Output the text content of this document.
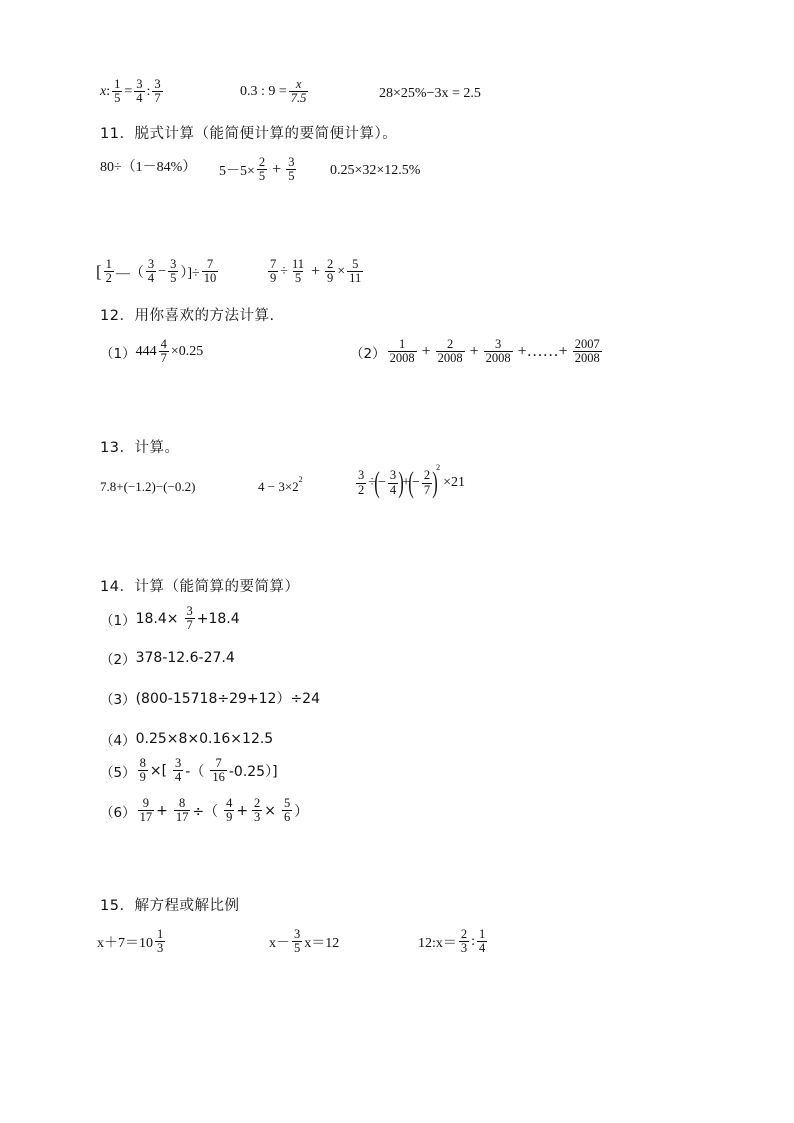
x : $\frac{1}{5} = \frac{3}{4}$ : $\frac{3}{7}$	0.3 : $9 = \frac{x}{7.5}$	28×25%−3x = 2.5
11．脱式计算（能简便计算的要简便计算）。
80÷（1－84%） $5-5\times \frac{2}{5} + \frac{3}{5} 0.25\times 32\times 12.5\%$
[ $\frac{1}{2}$ —（ $\frac{3}{4} - \frac{3}{5}$ ）]÷ $\frac{7}{10}$	$\frac{7}{9} \div \frac{11}{5} + \frac{2}{9} \times \frac{5}{11}$
12．用你喜欢的方法计算.
（1） $444 \frac{4}{7} \times 0.25$	$(2) \frac{1}{2008} + \frac{2}{2008} + \frac{3}{2008}$ +……+ $\frac{2007}{2008}$
13．计算。
7.8+(−1.2)−(−0.2)	4 − 3×2 2	$\frac{3}{2}$ ÷
(
− $\frac{3}{4}$ )
+
(
− $\frac{2}{7}$ )
2
×21
14．计算（能简算的要简算）
（1） $18.4\times \frac{3}{7} +18.4$
（2） 378-12.6-27.4
（3） (800-15718÷29+12）÷24
（4） 0.25×8×0.16×12.5
$(5) \frac{8}{9}$ ×[ $\frac{3}{4}$ -（ $\frac{7}{16} -0.25$）]
$(6) \frac{9}{17} + \frac{8}{17}$ ÷（ $\frac{4}{9} + \frac{2}{3} \times \frac{5}{6}$ ）
15．解方程或解比例
$x+7=10 \frac{1}{3}$	$x- \frac{3}{5} x=12$	12:x＝ $\frac{2}{3}$ : $\frac{1}{4}$
